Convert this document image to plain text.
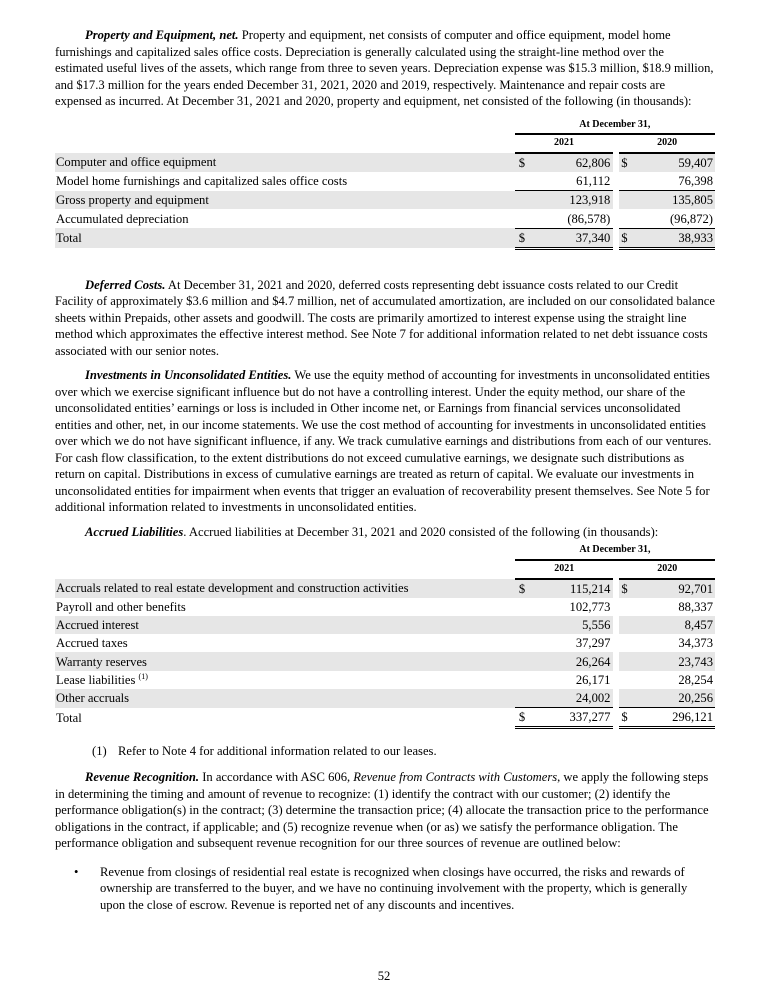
Property and Equipment, net. Property and equipment, net consists of computer and office equipment, model home furnishings and capitalized sales office costs. Depreciation is generally calculated using the straight-line method over the estimated useful lives of the assets, which range from three to seven years. Depreciation expense was $15.3 million, $18.9 million, and $17.3 million for the years ended December 31, 2021, 2020 and 2019, respectively. Maintenance and repair costs are expensed as incurred. At December 31, 2021 and 2020, property and equipment, net consisted of the following (in thousands):

		At December 31,				
		2021			2020	
Computer and office equipment		$	62,806		$	59,407
Model home furnishings and capitalized sales office costs			61,112			76,398
Gross property and equipment			123,918			135,805
Accumulated depreciation			(86,578)			(96,872)
Total		$	37,340		$	38,933

Deferred Costs. At December 31, 2021 and 2020, deferred costs representing debt issuance costs related to our Credit Facility of approximately $3.6 million and $4.7 million, net of accumulated amortization, are included on our consolidated balance sheets within Prepaids, other assets and goodwill. The costs are primarily amortized to interest expense using the straight line method which approximates the effective interest method. See Note 7 for additional information related to net debt issuance costs associated with our senior notes.

Investments in Unconsolidated Entities. We use the equity method of accounting for investments in unconsolidated entities over which we exercise significant influence but do not have a controlling interest. Under the equity method, our share of the unconsolidated entities’ earnings or loss is included in Other income net, or Earnings from financial services unconsolidated entities and other, net, in our income statements. We use the cost method of accounting for investments in unconsolidated entities over which we do not have significant influence, if any. We track cumulative earnings and distributions from each of our ventures. For cash flow classification, to the extent distributions do not exceed cumulative earnings, we designate such distributions as return on capital. Distributions in excess of cumulative earnings are treated as return of capital. We evaluate our investments in unconsolidated entities for impairment when events that trigger an evaluation of recoverability present themselves. See Note 5 for additional information related to investments in unconsolidated entities.

Accrued Liabilities. Accrued liabilities at December 31, 2021 and 2020 consisted of the following (in thousands):

		At December 31,				
		2021			2020	
Accruals related to real estate development and construction activities		$	115,214		$	92,701
Payroll and other benefits			102,773			88,337
Accrued interest			5,556			8,457
Accrued taxes			37,297			34,373
Warranty reserves			26,264			23,743
Lease liabilities $^{(1)}$			26,171			28,254
Other accruals			24,002			20,256
Total		$	337,277		$	296,121

(1) Refer to Note 4 for additional information related to our leases.

Revenue Recognition. In accordance with ASC 606, Revenue from Contracts with Customers, we apply the following steps in determining the timing and amount of revenue to recognize: (1) identify the contract with our customer; (2) identify the performance obligation(s) in the contract; (3) determine the transaction price; (4) allocate the transaction price to the performance obligations in the contract, if applicable; and (5) recognize revenue when (or as) we satisfy the performance obligation. The performance obligation and subsequent revenue recognition for our three sources of revenue are outlined below:

• Revenue from closings of residential real estate is recognized when closings have occurred, the risks and rewards of ownership are transferred to the buyer, and we have no continuing involvement with the property, which is generally upon the close of escrow. Revenue is reported net of any discounts and incentives.
52
